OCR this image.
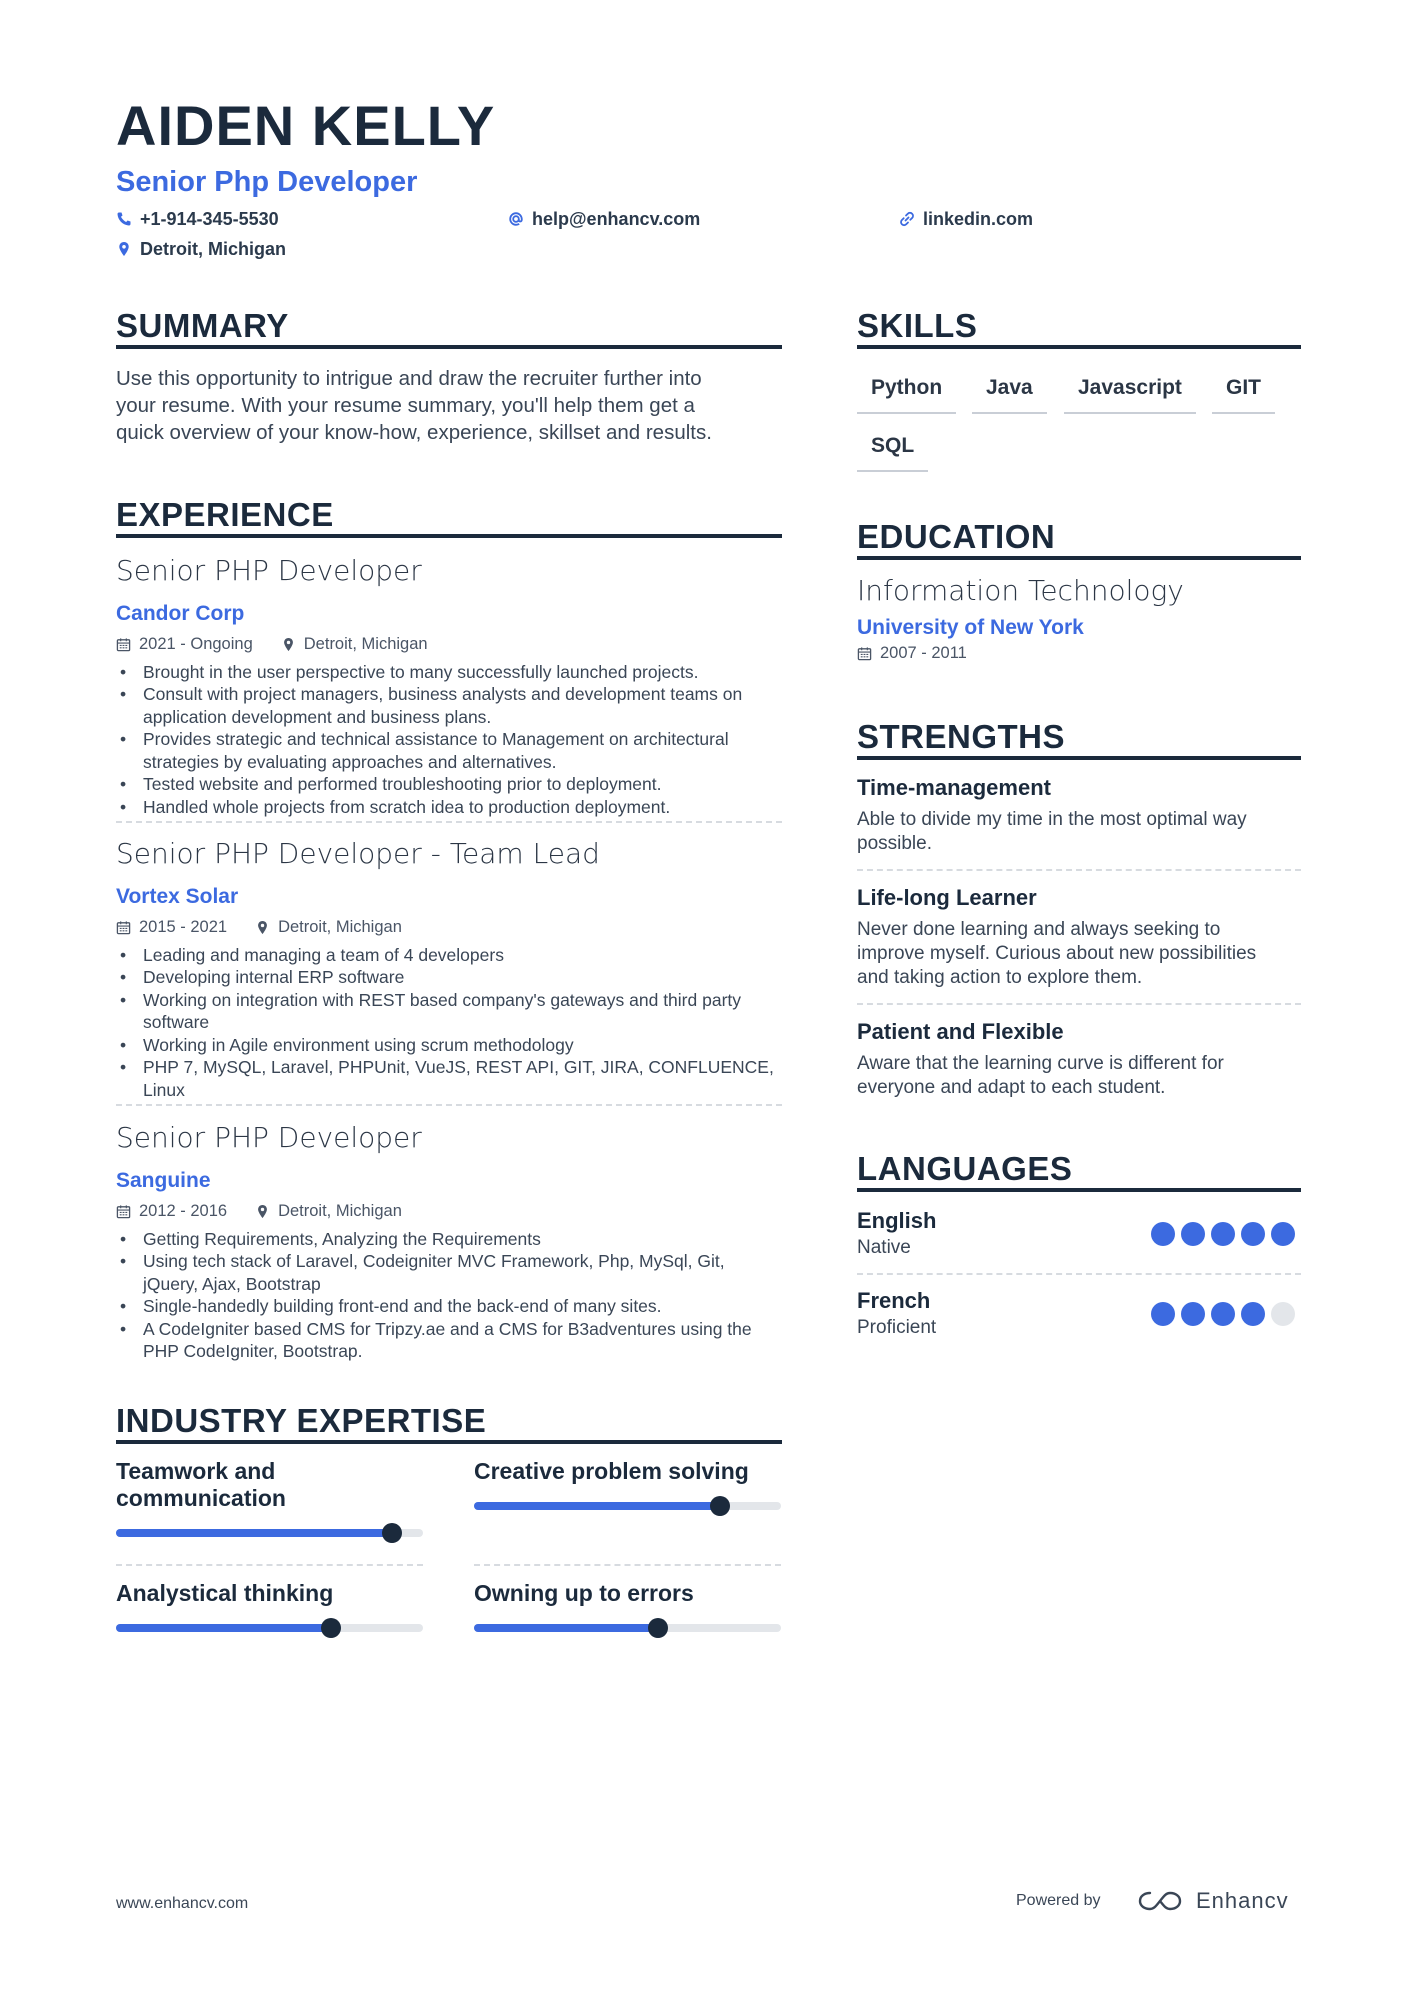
AIDEN KELLY
Senior Php Developer
+1-914-345-5530	help@enhancv.com	linkedin.com
Detroit, Michigan
SUMMARY
Use this opportunity to intrigue and draw the recruiter further into
your resume. With your resume summary, you'll help them get a
quick overview of your know-how, experience, skillset and results.
EXPERIENCE
Senior PHP Developer
Candor Corp
2021 - Ongoing	Detroit, Michigan
• Brought in the user perspective to many successfully launched projects.
• Consult with project managers, business analysts and development teams on application development and business plans.
• Provides strategic and technical assistance to Management on architectural strategies by evaluating approaches and alternatives.
• Tested website and performed troubleshooting prior to deployment.
• Handled whole projects from scratch idea to production deployment.
Senior PHP Developer - Team Lead
Vortex Solar
2015 - 2021	Detroit, Michigan
• Leading and managing a team of 4 developers
• Developing internal ERP software
• Working on integration with REST based company's gateways and third party software
• Working in Agile environment using scrum methodology
• PHP 7, MySQL, Laravel, PHPUnit, VueJS, REST API, GIT, JIRA, CONFLUENCE, Linux
Senior PHP Developer
Sanguine
2012 - 2016	Detroit, Michigan
• Getting Requirements, Analyzing the Requirements
• Using tech stack of Laravel, Codeigniter MVC Framework, Php, MySql, Git, jQuery, Ajax, Bootstrap
• Single-handedly building front-end and the back-end of many sites.
• A CodeIgniter based CMS for Tripzy.ae and a CMS for B3adventures using the PHP CodeIgniter, Bootstrap.
INDUSTRY EXPERTISE
Teamwork and communication
Creative problem solving
Analystical thinking	Owning up to errors
SKILLS
Python	Java	Javascript	GIT
SQL
EDUCATION
Information Technology
University of New York
2007 - 2011
STRENGTHS
Time-management
Able to divide my time in the most optimal way
possible.
Life-long Learner
Never done learning and always seeking to
improve myself. Curious about new possibilities
and taking action to explore them.
Patient and Flexible
Aware that the learning curve is different for
everyone and adapt to each student.
LANGUAGES
English
Native
French
Proficient
www.enhancv.com	Powered by	Enhancv
